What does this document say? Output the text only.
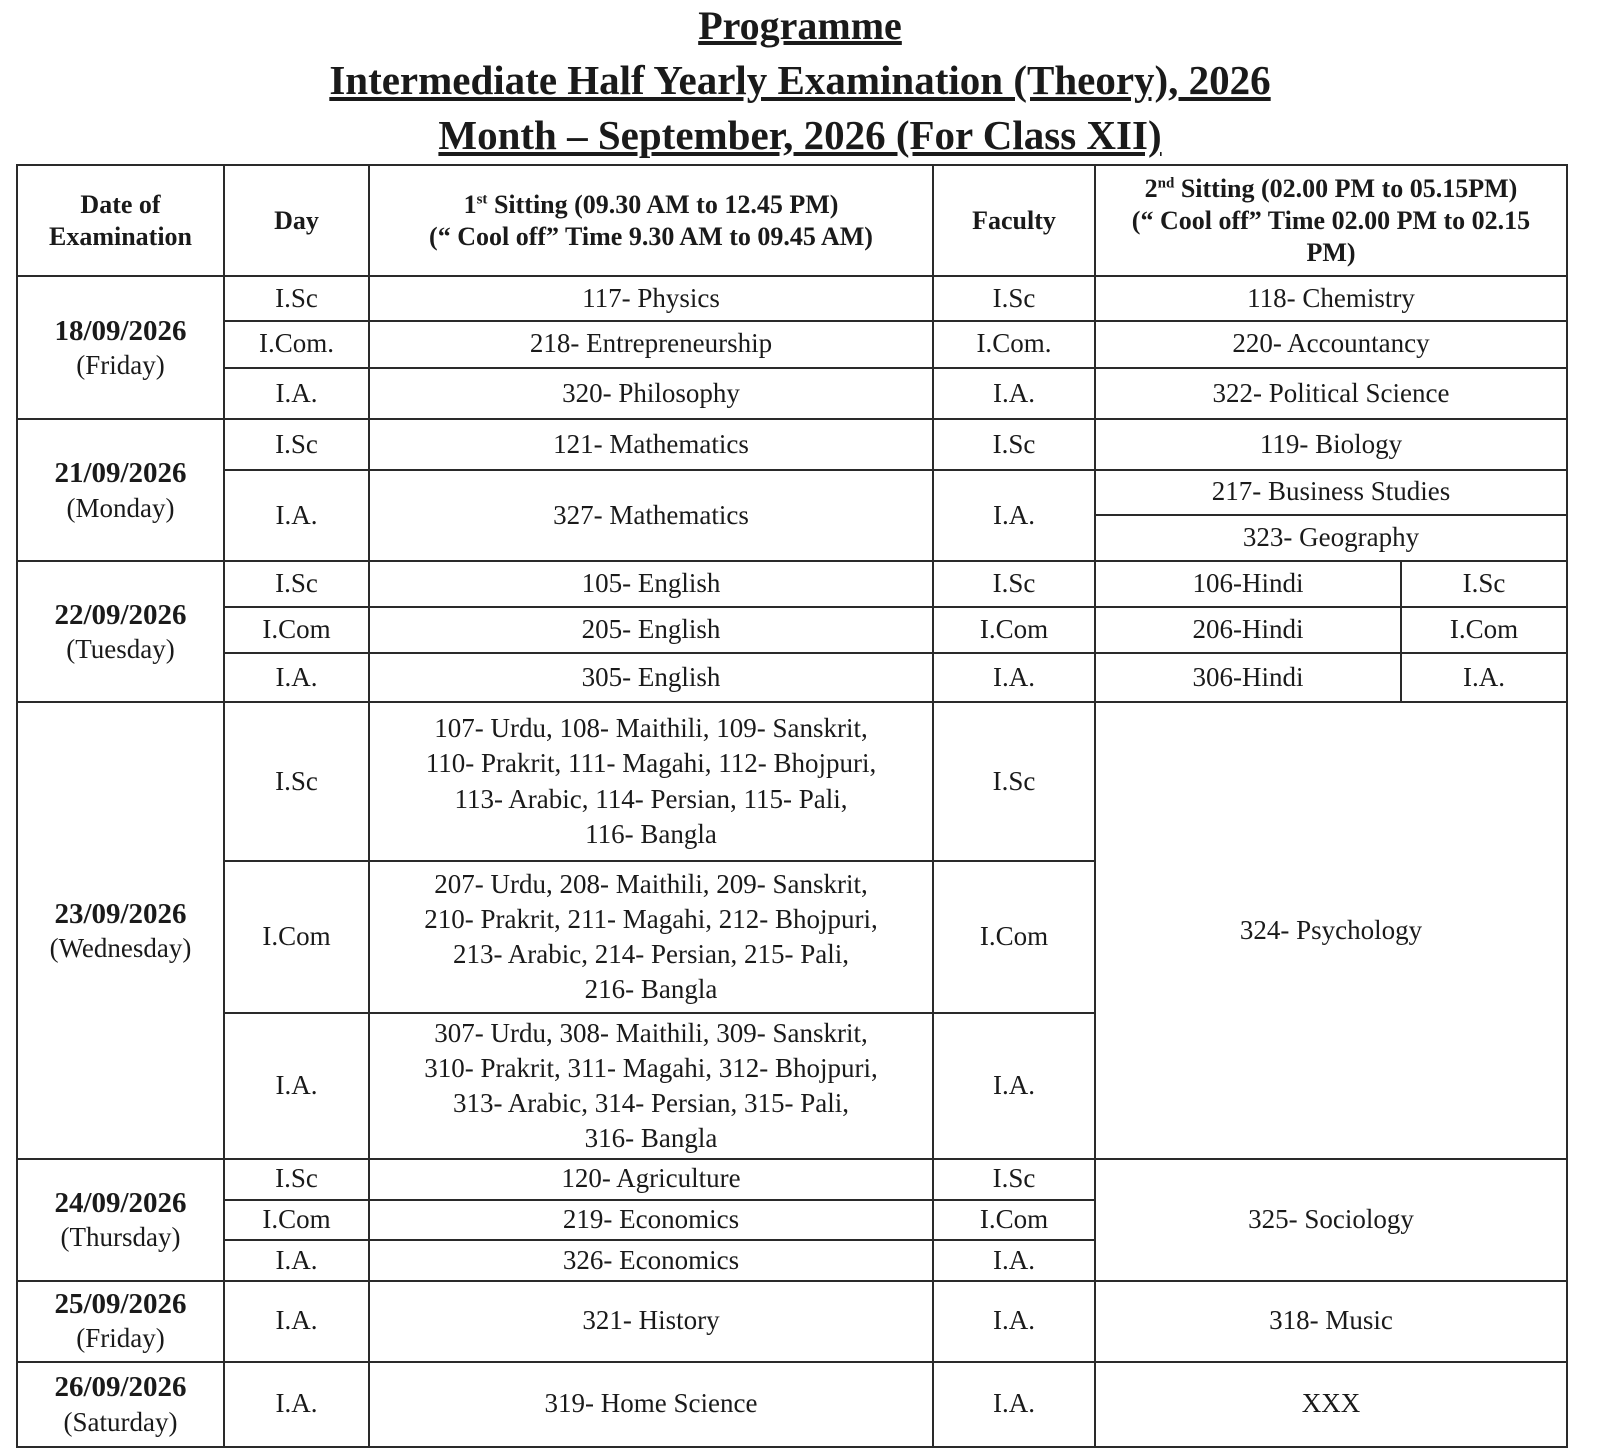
Programme
Intermediate Half Yearly Examination (Theory), 2026
Month – September, 2026 (For Class XII)
Date of Examination	Day	1st Sitting (09.30 AM to 12.45 PM)
(“ Cool off” Time 9.30 AM to 09.45 AM)	Faculty	2nd Sitting (02.00 PM to 05.15PM)
(“ Cool off” Time 02.00 PM to 02.15 PM)	
18/09/2026
(Friday)	I.Sc	117- Physics	I.Sc	118- Chemistry	
	I.Com.	218- Entrepreneurship	I.Com.	220- Accountancy	
	I.A.	320- Philosophy	I.A.	322- Political Science	
21/09/2026
(Monday)	I.Sc	121- Mathematics	I.Sc	119- Biology	
	I.A.	327- Mathematics	I.A.	217- Business Studies	
				323- Geography	
22/09/2026
(Tuesday)	I.Sc	105- English	I.Sc	106-Hindi	I.Sc
	I.Com	205- English	I.Com	206-Hindi	I.Com
	I.A.	305- English	I.A.	306-Hindi	I.A.
23/09/2026
(Wednesday)	I.Sc	107- Urdu, 108- Maithili, 109- Sanskrit,
110- Prakrit, 111- Magahi, 112- Bhojpuri,
113- Arabic, 114- Persian, 115- Pali,
116- Bangla	I.Sc	324- Psychology	
	I.Com	207- Urdu, 208- Maithili, 209- Sanskrit,
210- Prakrit, 211- Magahi, 212- Bhojpuri,
213- Arabic, 214- Persian, 215- Pali,
216- Bangla	I.Com		
	I.A.	307- Urdu, 308- Maithili, 309- Sanskrit,
310- Prakrit, 311- Magahi, 312- Bhojpuri,
313- Arabic, 314- Persian, 315- Pali,
316- Bangla	I.A.		
24/09/2026
(Thursday)	I.Sc	120- Agriculture	I.Sc	325- Sociology	
	I.Com	219- Economics	I.Com		
	I.A.	326- Economics	I.A.		
25/09/2026
(Friday)	I.A.	321- History	I.A.	318- Music	
26/09/2026
(Saturday)	I.A.	319- Home Science	I.A.	XXX	
